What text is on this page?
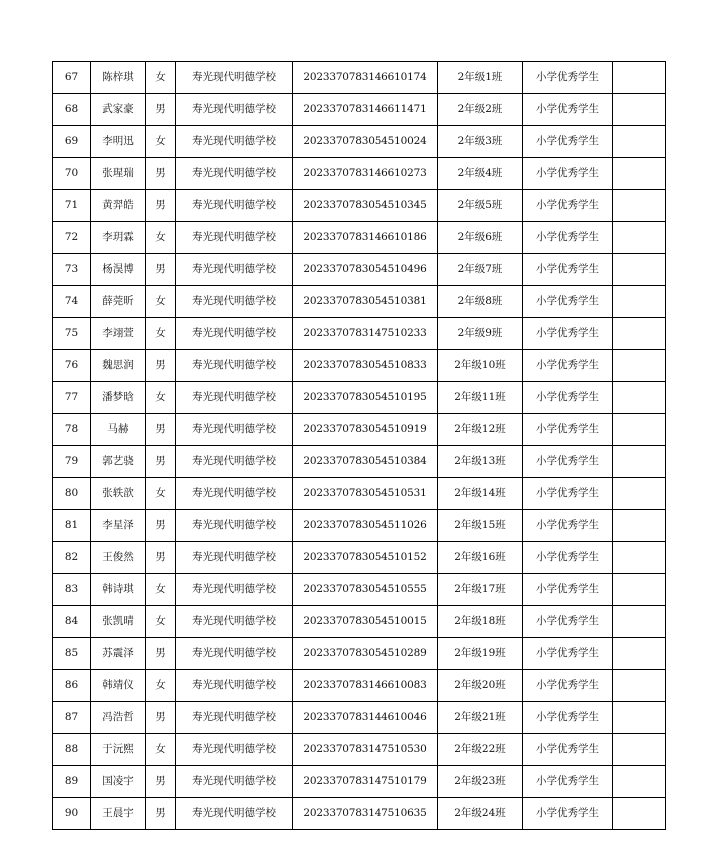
67	陈梓琪	女	寿光现代明德学校	2023370783146610174	2年级1班	小学优秀学生	
68	武家豪	男	寿光现代明德学校	2023370783146611471	2年级2班	小学优秀学生	
69	李明迅	女	寿光现代明德学校	2023370783054510024	2年级3班	小学优秀学生	
70	张瑆瑞	男	寿光现代明德学校	2023370783146610273	2年级4班	小学优秀学生	
71	黄羿皓	男	寿光现代明德学校	2023370783054510345	2年级5班	小学优秀学生	
72	李玥霖	女	寿光现代明德学校	2023370783146610186	2年级6班	小学优秀学生	
73	杨淏博	男	寿光现代明德学校	2023370783054510496	2年级7班	小学优秀学生	
74	薛莞昕	女	寿光现代明德学校	2023370783054510381	2年级8班	小学优秀学生	
75	李翊萱	女	寿光现代明德学校	2023370783147510233	2年级9班	小学优秀学生	
76	魏思润	男	寿光现代明德学校	2023370783054510833	2年级10班	小学优秀学生	
77	潘梦晗	女	寿光现代明德学校	2023370783054510195	2年级11班	小学优秀学生	
78	马赫	男	寿光现代明德学校	2023370783054510919	2年级12班	小学优秀学生	
79	郭艺骁	男	寿光现代明德学校	2023370783054510384	2年级13班	小学优秀学生	
80	张轶歆	女	寿光现代明德学校	2023370783054510531	2年级14班	小学优秀学生	
81	李星泽	男	寿光现代明德学校	2023370783054511026	2年级15班	小学优秀学生	
82	王俊然	男	寿光现代明德学校	2023370783054510152	2年级16班	小学优秀学生	
83	韩诗琪	女	寿光现代明德学校	2023370783054510555	2年级17班	小学优秀学生	
84	张凯晴	女	寿光现代明德学校	2023370783054510015	2年级18班	小学优秀学生	
85	苏震泽	男	寿光现代明德学校	2023370783054510289	2年级19班	小学优秀学生	
86	韩靖仪	女	寿光现代明德学校	2023370783146610083	2年级20班	小学优秀学生	
87	冯浩哲	男	寿光现代明德学校	2023370783144610046	2年级21班	小学优秀学生	
88	于沅熙	女	寿光现代明德学校	2023370783147510530	2年级22班	小学优秀学生	
89	国凌宇	男	寿光现代明德学校	2023370783147510179	2年级23班	小学优秀学生	
90	王晨宇	男	寿光现代明德学校	2023370783147510635	2年级24班	小学优秀学生	
